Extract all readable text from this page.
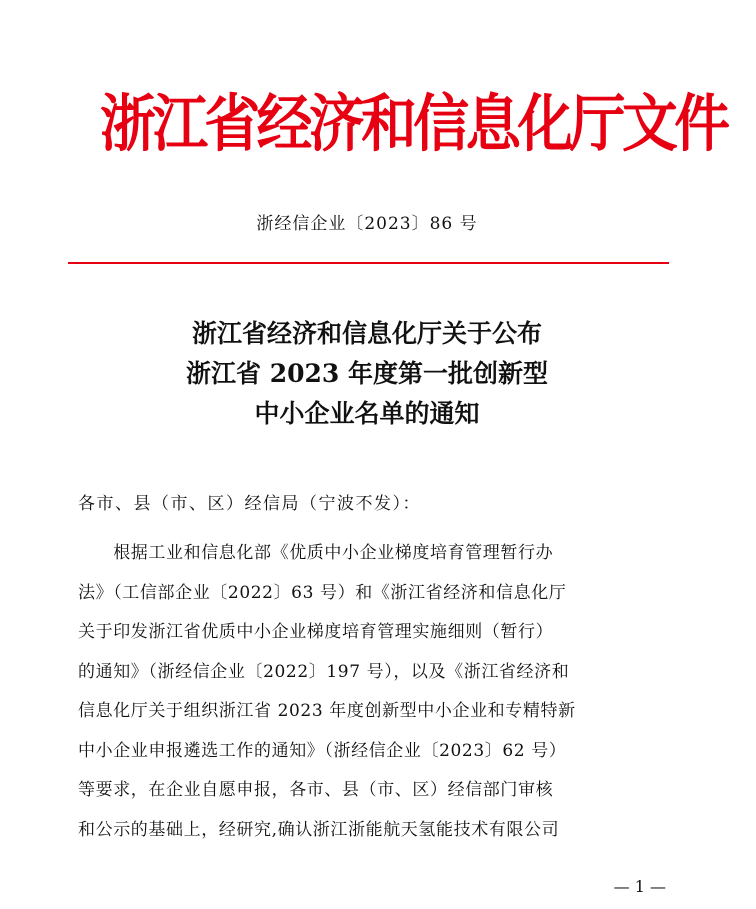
浙江省经济和信息化厅文件
浙经信企业〔2023〕86 号
浙江省经济和信息化厅关于公布
浙江省 2023 年度第一批创新型
中小企业名单的通知
各市、县（市、区）经信局（宁波不发）：
　　根据工业和信息化部《优质中小企业梯度培育管理暂行办
法》（工信部企业〔2022〕63 号）和《浙江省经济和信息化厅
关于印发浙江省优质中小企业梯度培育管理实施细则（暂行）
的通知》（浙经信企业〔2022〕197 号），以及《浙江省经济和
信息化厅关于组织浙江省 2023 年度创新型中小企业和专精特新
中小企业申报遴选工作的通知》（浙经信企业〔2023〕62 号）
等要求，在企业自愿申报，各市、县（市、区）经信部门审核
和公示的基础上，经研究,确认浙江浙能航天氢能技术有限公司
— 1 —
